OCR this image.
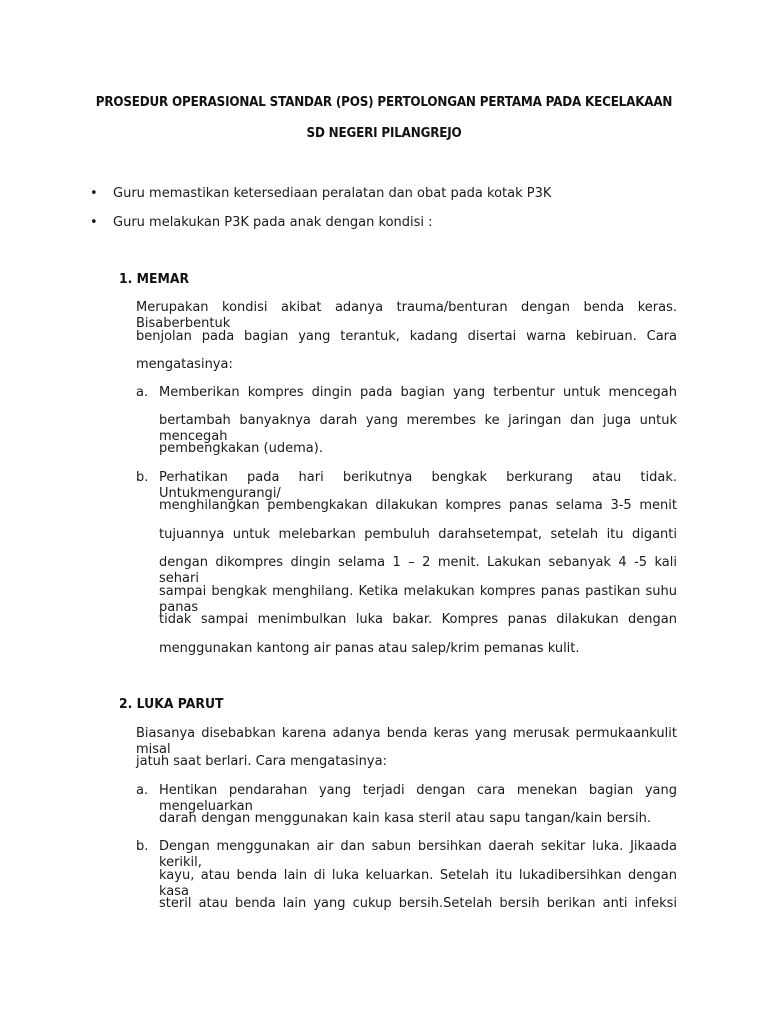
PROSEDUR OPERASIONAL STANDAR (POS) PERTOLONGAN PERTAMA PADA KECELAKAAN
SD NEGERI PILANGREJO
• Guru memastikan ketersediaan peralatan dan obat pada kotak P3K
• Guru melakukan P3K pada anak dengan kondisi :
1. MEMAR
Merupakan kondisi akibat adanya trauma/benturan dengan benda keras. Bisaberbentuk
benjolan pada bagian yang terantuk, kadang disertai warna kebiruan. Cara
mengatasinya:
a. Memberikan kompres dingin pada bagian yang terbentur untuk mencegah
bertambah banyaknya darah yang merembes ke jaringan dan juga untuk mencegah
pembengkakan (udema).
b. Perhatikan pada hari berikutnya bengkak berkurang atau tidak. Untukmengurangi/
menghilangkan pembengkakan dilakukan kompres panas selama 3-5 menit
tujuannya untuk melebarkan pembuluh darahsetempat, setelah itu diganti
dengan dikompres dingin selama 1 – 2 menit. Lakukan sebanyak 4 -5 kali sehari
sampai bengkak menghilang. Ketika melakukan kompres panas pastikan suhu panas
tidak sampai menimbulkan luka bakar. Kompres panas dilakukan dengan
menggunakan kantong air panas atau salep/krim pemanas kulit.
2. LUKA PARUT
Biasanya disebabkan karena adanya benda keras yang merusak permukaankulit misal
jatuh saat berlari. Cara mengatasinya:
a. Hentikan pendarahan yang terjadi dengan cara menekan bagian yang mengeluarkan
darah dengan menggunakan kain kasa steril atau sapu tangan/kain bersih.
b. Dengan menggunakan air dan sabun bersihkan daerah sekitar luka. Jikaada kerikil,
kayu, atau benda lain di luka keluarkan. Setelah itu lukadibersihkan dengan kasa
steril atau benda lain yang cukup bersih.Setelah bersih berikan anti infeksi
